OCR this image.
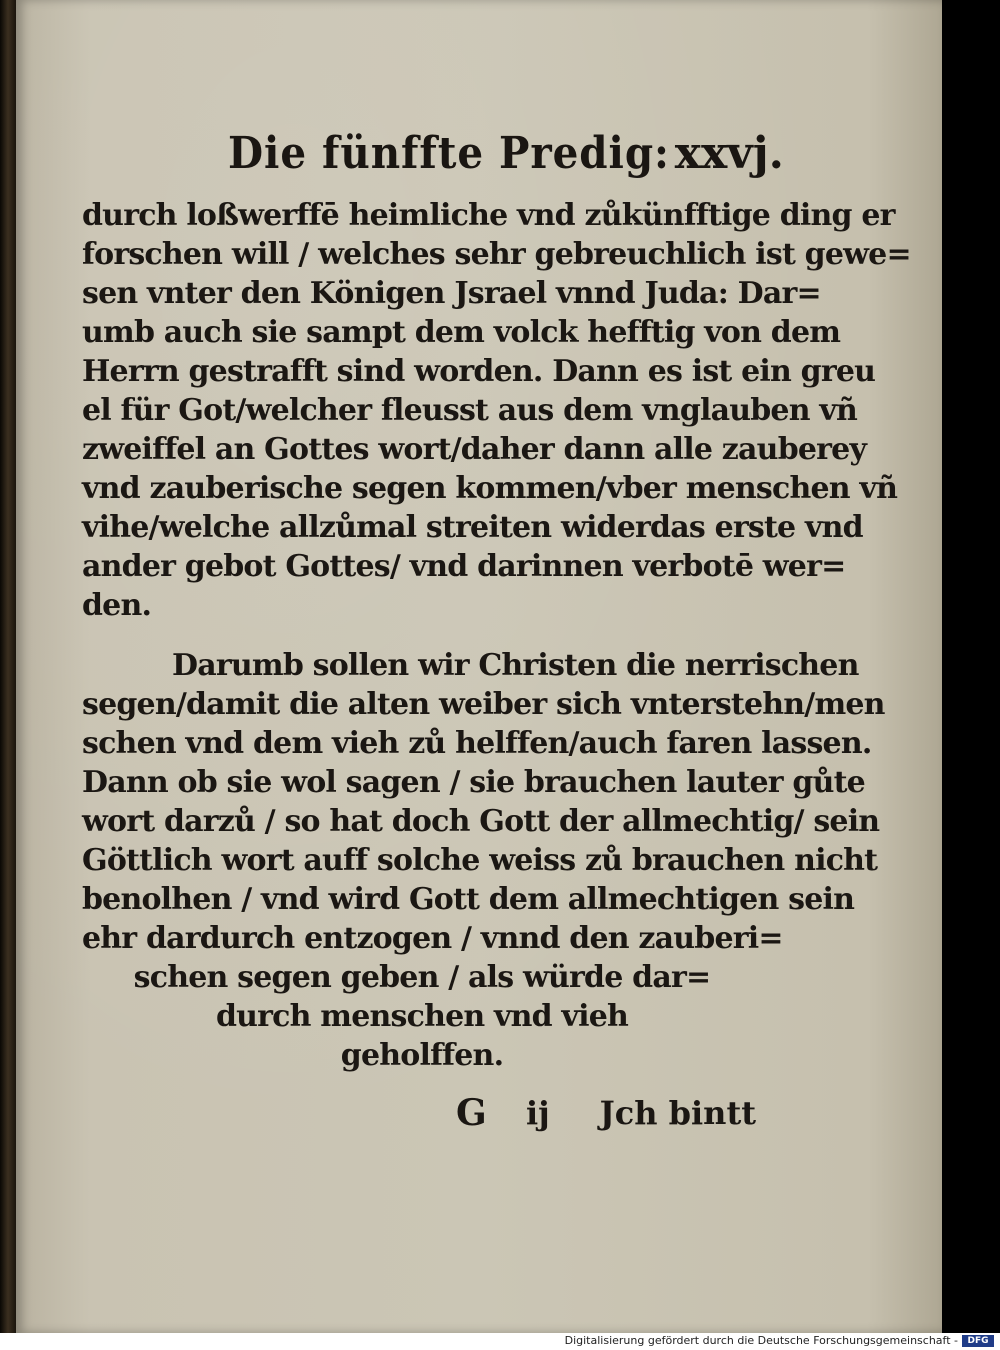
Die fünffte Predig: xxvj.
durch loßwerffē heimliche vnd zůkünfftige ding er
forschen will / welches sehr gebreuchlich ist gewe=
sen vnter den Königen Jsrael vnnd Juda: Dar=
umb auch sie sampt dem volck hefftig von dem
Herrn gestrafft sind worden. Dann es ist ein greu
el für Got/welcher fleusst aus dem vnglauben vñ
zweiffel an Gottes wort/daher dann alle zauberey
vnd zauberische segen kommen/vber menschen vñ
vihe/welche allzůmal streiten widerdas erste vnd
ander gebot Gottes/ vnd darinnen verbotē wer=
den.
Darumb sollen wir Christen die nerrischen
segen/damit die alten weiber sich vnterstehn/men
schen vnd dem vieh zů helffen/auch faren lassen.
Dann ob sie wol sagen / sie brauchen lauter gůte
wort darzů / so hat doch Gott der allmechtig/ sein
Göttlich wort auff solche weiss zů brauchen nicht
benolhen / vnd wird Gott dem allmechtigen sein
ehr dardurch entzogen / vnnd den zauberi=
schen segen geben / als würde dar=
durch menschen vnd vieh
geholffen.
G ij Jch bintt
Digitalisierung gefördert durch die Deutsche Forschungsgemeinschaft -	DFG
